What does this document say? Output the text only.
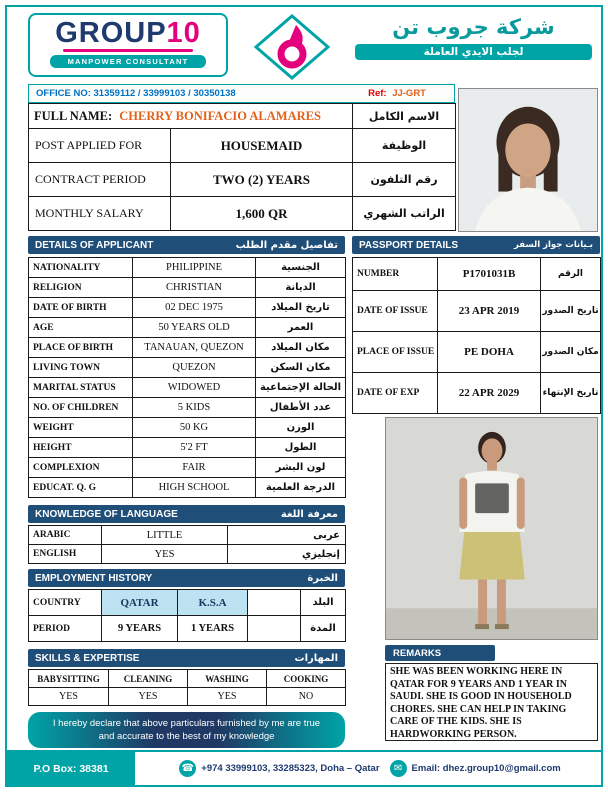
GROUP10
MANPOWER CONSULTANT
شركة جروب تن
لجلب الايدي العاملة
OFFICE NO: 31359112 / 33999103 / 30350138	Ref: JJ-GRT
FULL NAME: CHERRY BONIFACIO ALAMARES		الاسم الكامل
POST APPLIED FOR	HOUSEMAID	الوظيفة
CONTRACT PERIOD	TWO (2) YEARS	رقم التلفون
MONTHLY SALARY	1,600 QR	الراتب الشهري
DETAILS OF APPLICANT	تفاصيل مقدم الطلب
NATIONALITY	PHILIPPINE	الجنسية
RELIGION	CHRISTIAN	الديانة
DATE OF BIRTH	02 DEC 1975	تاريخ الميلاد
AGE	50 YEARS OLD	العمر
PLACE OF BIRTH	TANAUAN, QUEZON	مكان الميلاد
LIVING TOWN	QUEZON	مكان السكن
MARITAL STATUS	WIDOWED	الحالة الإجتماعية
NO. OF CHILDREN	5 KIDS	عدد الأطفال
WEIGHT	50 KG	الوزن
HEIGHT	5'2 FT	الطول
COMPLEXION	FAIR	لون البشر
EDUCAT. Q. G	HIGH SCHOOL	الدرجة العلمية
PASSPORT DETAILS	بـيانات جواز السفر
NUMBER	P1701031B	الرقم
DATE OF ISSUE	23 APR 2019	تاريخ الصدور
PLACE OF ISSUE	PE DOHA	مكان الصدور
DATE OF EXP	22 APR 2029	تاريخ الإنتهاء
KNOWLEDGE OF LANGUAGE	معرفة اللغة
ARABIC	LITTLE	عربى
ENGLISH	YES	إنجليزي
EMPLOYMENT HISTORY	الخبرة
COUNTRY	QATAR	K.S.A		البلد
PERIOD	9 YEARS	1 YEARS		المدة
SKILLS & EXPERTISE	المهارات
BABYSITTING	CLEANING	WASHING	COOKING
YES	YES	YES	NO
REMARKS
SHE WAS BEEN WORKING HERE IN QATAR FOR 9 YEARS AND 1 YEAR IN SAUDI. SHE IS GOOD IN HOUSEHOLD CHORES. SHE CAN HELP IN TAKING CARE OF THE KIDS. SHE IS HARDWORKING PERSON.
I hereby declare that above particulars furnished by me are true and accurate to the best of my knowledge
P.O Box: 38381	☎ +974 33999103, 33285323, Doha – Qatar	✉ Email: dhez.group10@gmail.com
